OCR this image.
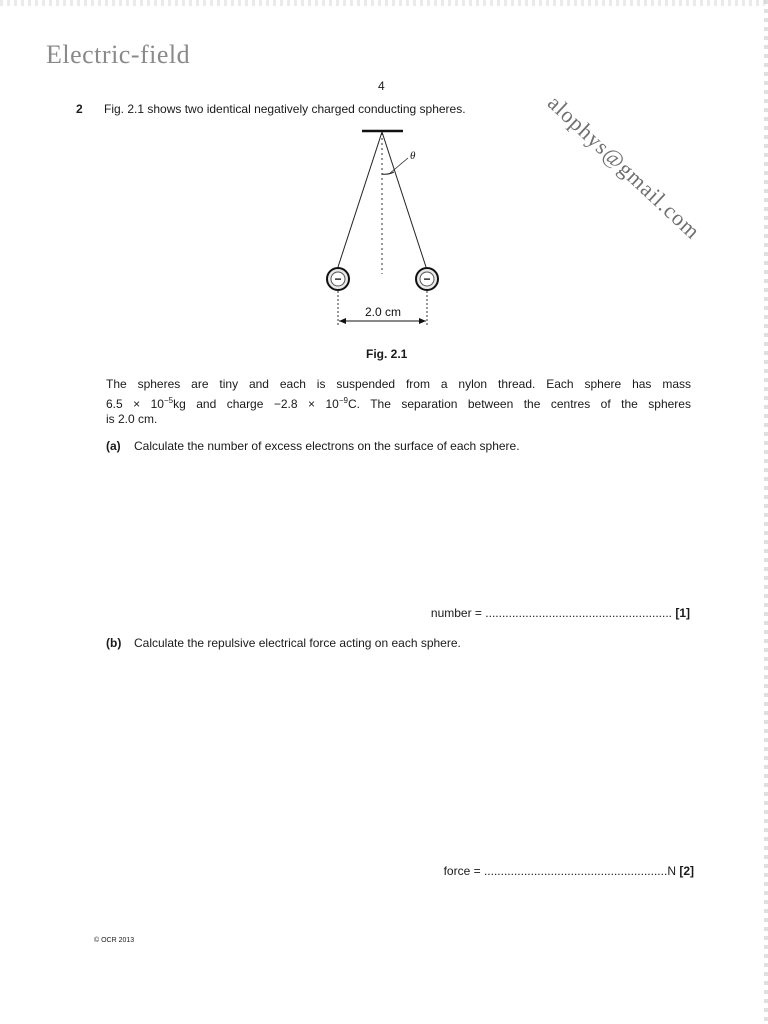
Electric-field
alophys@gmail.com
4
2 Fig. 2.1 shows two identical negatively charged conducting spheres.
θ
−	−
2.0 cm
Fig. 2.1
The spheres are tiny and each is suspended from a nylon thread. Each sphere has mass
$6.5 \times 10^{-5}kg$ and charge $-2.8 \times 10^{-9}C$. The separation between the centres of the spheres
is 2.0 cm.
(a) Calculate the number of excess electrons on the surface of each sphere.
number = ........................................................ [1]
(b) Calculate the repulsive electrical force acting on each sphere.
force = .......................................................N [2]
© OCR 2013
